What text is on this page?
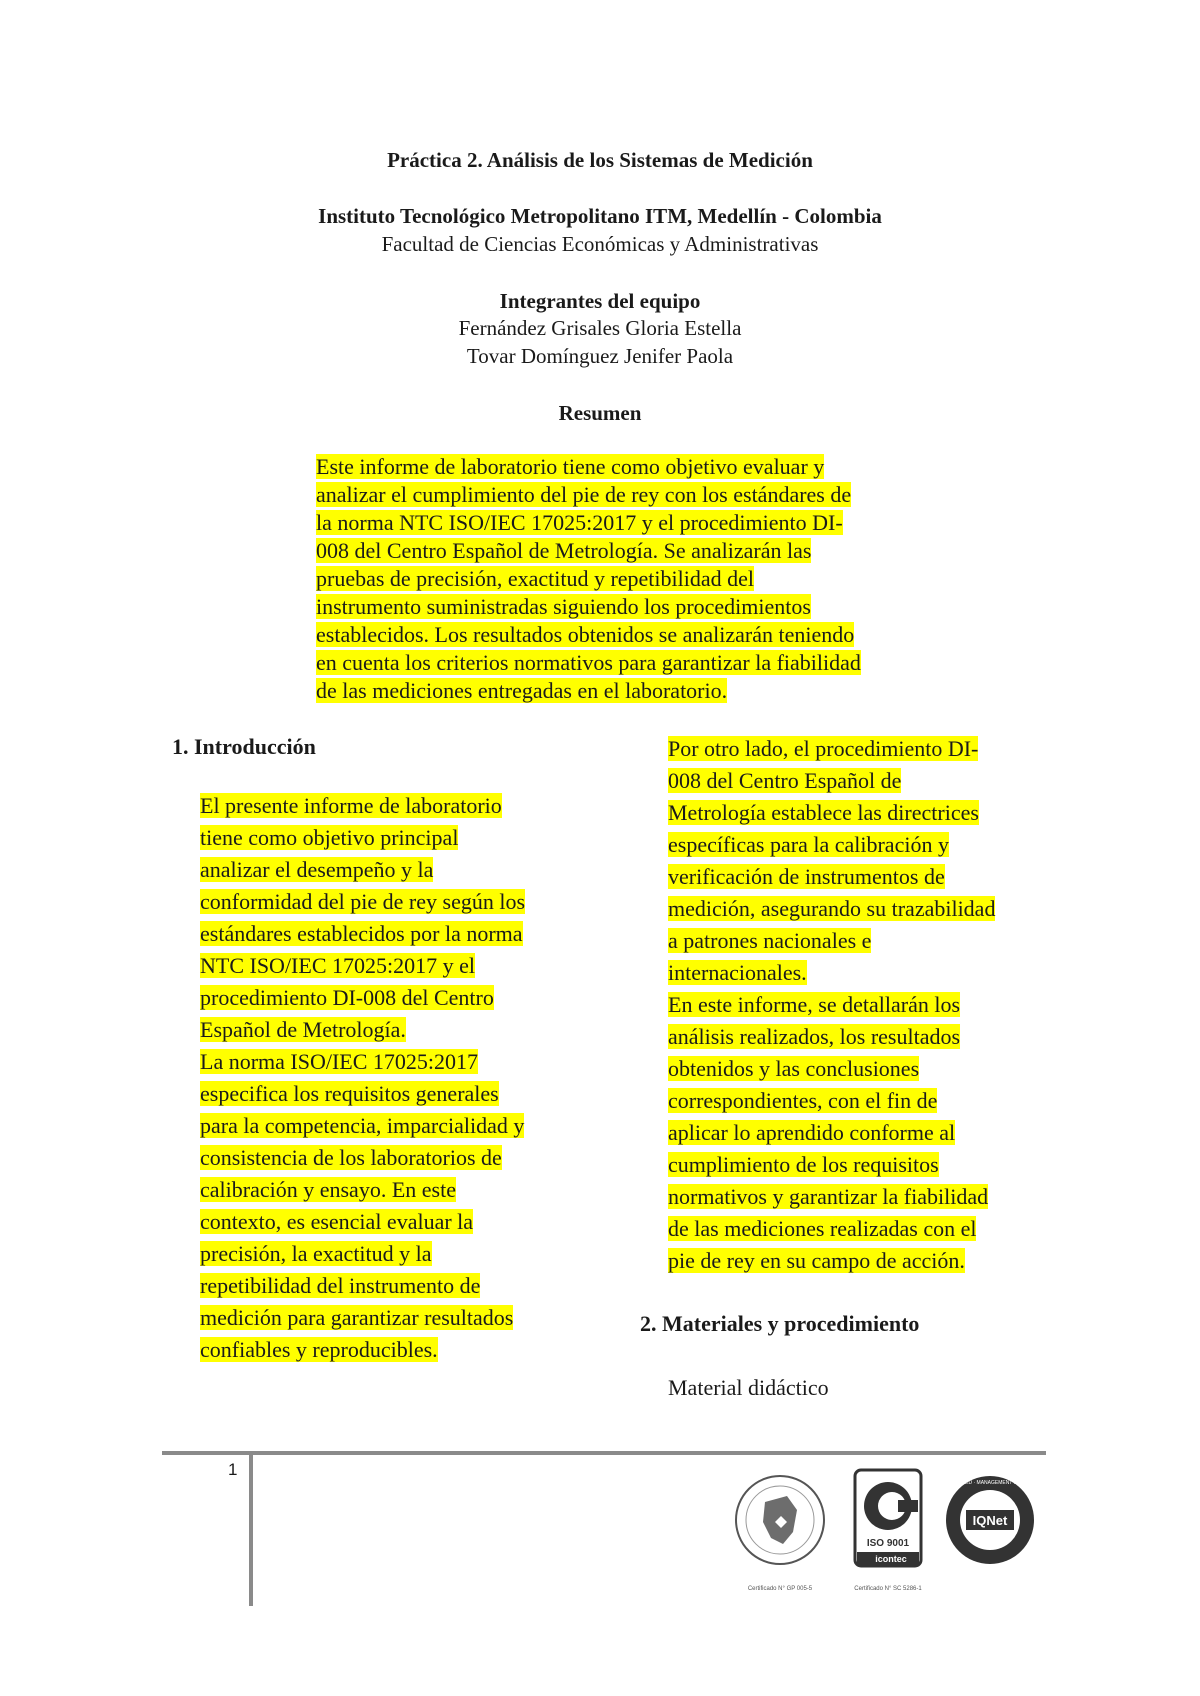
Práctica 2. Análisis de los Sistemas de Medición
Instituto Tecnológico Metropolitano ITM, Medellín - Colombia
Facultad de Ciencias Económicas y Administrativas
Integrantes del equipo
Fernández Grisales Gloria Estella
Tovar Domínguez Jenifer Paola
Resumen
Este informe de laboratorio tiene como objetivo evaluar y
analizar el cumplimiento del pie de rey con los estándares de
la norma NTC ISO/IEC 17025:2017 y el procedimiento DI-
008 del Centro Español de Metrología. Se analizarán las
pruebas de precisión, exactitud y repetibilidad del
instrumento suministradas siguiendo los procedimientos
establecidos. Los resultados obtenidos se analizarán teniendo
en cuenta los criterios normativos para garantizar la fiabilidad
de las mediciones entregadas en el laboratorio.
1. Introducción
El presente informe de laboratorio
tiene como objetivo principal
analizar el desempeño y la
conformidad del pie de rey según los
estándares establecidos por la norma
NTC ISO/IEC 17025:2017 y el
procedimiento DI-008 del Centro
Español de Metrología.
La norma ISO/IEC 17025:2017
especifica los requisitos generales
para la competencia, imparcialidad y
consistencia de los laboratorios de
calibración y ensayo. En este
contexto, es esencial evaluar la
precisión, la exactitud y la
repetibilidad del instrumento de
medición para garantizar resultados
confiables y reproducibles.
Por otro lado, el procedimiento DI-
008 del Centro Español de
Metrología establece las directrices
específicas para la calibración y
verificación de instrumentos de
medición, asegurando su trazabilidad
a patrones nacionales e
internacionales.
En este informe, se detallarán los
análisis realizados, los resultados
obtenidos y las conclusiones
correspondientes, con el fin de
aplicar lo aprendido conforme al
cumplimiento de los requisitos
normativos y garantizar la fiabilidad
de las mediciones realizadas con el
pie de rey en su campo de acción.
2. Materiales y procedimiento
Material didáctico
1
Certificado N° GP 005-5
ISO 9001
icontec
Certificado N° SC 5286-1
IQNet
CERTIFIED · MANAGEMENT SYSTEM
